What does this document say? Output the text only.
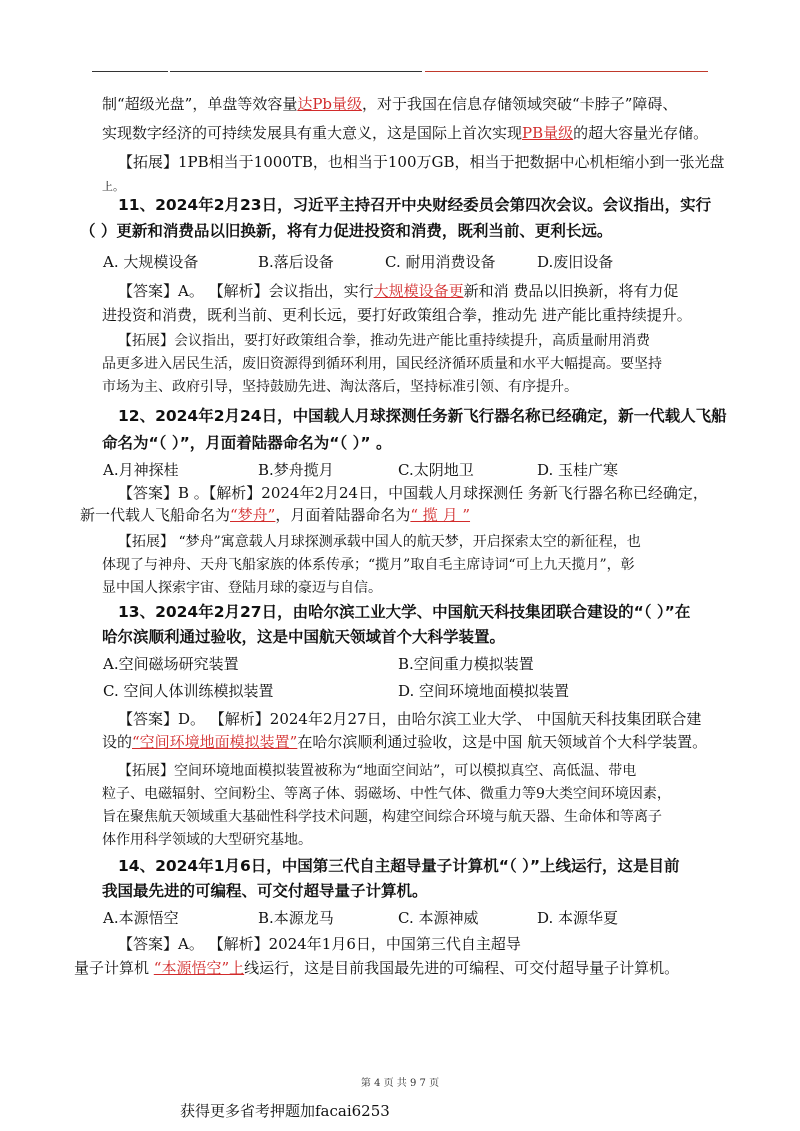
制“超级光盘”，单盘等效容量达Pb量级，对于我国在信息存储领域突破“卡脖子”障碍、
实现数字经济的可持续发展具有重大意义，这是国际上首次实现PB量级的超大容量光存储。
【拓展】1PB相当于1000TB，也相当于100万GB，相当于把数据中心机柜缩小到一张光盘
上。
11、2024年2月23日，习近平主持召开中央财经委员会第四次会议。会议指出，实行
（ ）更新和消费品以旧换新，将有力促进投资和消费，既利当前、更利长远。
A. 大规模设备	B.落后设备	C. 耐用消费设备	D.废旧设备
【答案】A。 【解析】会议指出，实行大规模设备更新和消 费品以旧换新，将有力促
进投资和消费，既利当前、更利长远，要打好政策组合拳，推动先 进产能比重持续提升。
【拓展】会议指出，要打好政策组合拳，推动先进产能比重持续提升，高质量耐用消费
品更多进入居民生活，废旧资源得到循环利用，国民经济循环质量和水平大幅提高。要坚持
市场为主、政府引导，坚持鼓励先进、淘汰落后，坚持标准引领、有序提升。
12、2024年2月24日，中国载人月球探测任务新飞行器名称已经确定，新一代载人飞船
命名为“（ ）”，月面着陆器命名为“（ ）” 。
A.月神探桂	B.梦舟揽月	C.太阴地卫	D. 玉桂广寒
【答案】B 。【解析】2024年2月24日，中国载人月球探测任 务新飞行器名称已经确定，
新一代载人飞船命名为“梦舟”，月面着陆器命名为“ 揽 月 ”
【拓展】 “梦舟”寓意载人月球探测承载中国人的航天梦，开启探索太空的新征程，也
体现了与神舟、天舟飞船家族的体系传承；“揽月”取自毛主席诗词“可上九天揽月”，彰
显中国人探索宇宙、登陆月球的豪迈与自信。
13、2024年2月27日，由哈尔滨工业大学、中国航天科技集团联合建设的“（ ）”在
哈尔滨顺利通过验收，这是中国航天领域首个大科学装置。
A.空间磁场研究装置	B.空间重力模拟装置
C. 空间人体训练模拟装置	D. 空间环境地面模拟装置
【答案】D。 【解析】2024年2月27日，由哈尔滨工业大学、 中国航天科技集团联合建
设的“空间环境地面模拟装置”在哈尔滨顺利通过验收，这是中国 航天领域首个大科学装置。
【拓展】空间环境地面模拟装置被称为“地面空间站”，可以模拟真空、高低温、带电
粒子、电磁辐射、空间粉尘、等离子体、弱磁场、中性气体、微重力等9大类空间环境因素，
旨在聚焦航天领域重大基础性科学技术问题，构建空间综合环境与航天器、生命体和等离子
体作用科学领域的大型研究基地。
14、2024年1月6日，中国第三代自主超导量子计算机“（ ）”上线运行，这是目前
我国最先进的可编程、可交付超导量子计算机。
A.本源悟空	B.本源龙马	C. 本源神威	D. 本源华夏
【答案】A。 【解析】2024年1月6日，中国第三代自主超导
量子计算机 “本源悟空”上线运行，这是目前我国最先进的可编程、可交付超导量子计算机。
第 4 页 共 9 7 页
获得更多省考押题加facai6253
